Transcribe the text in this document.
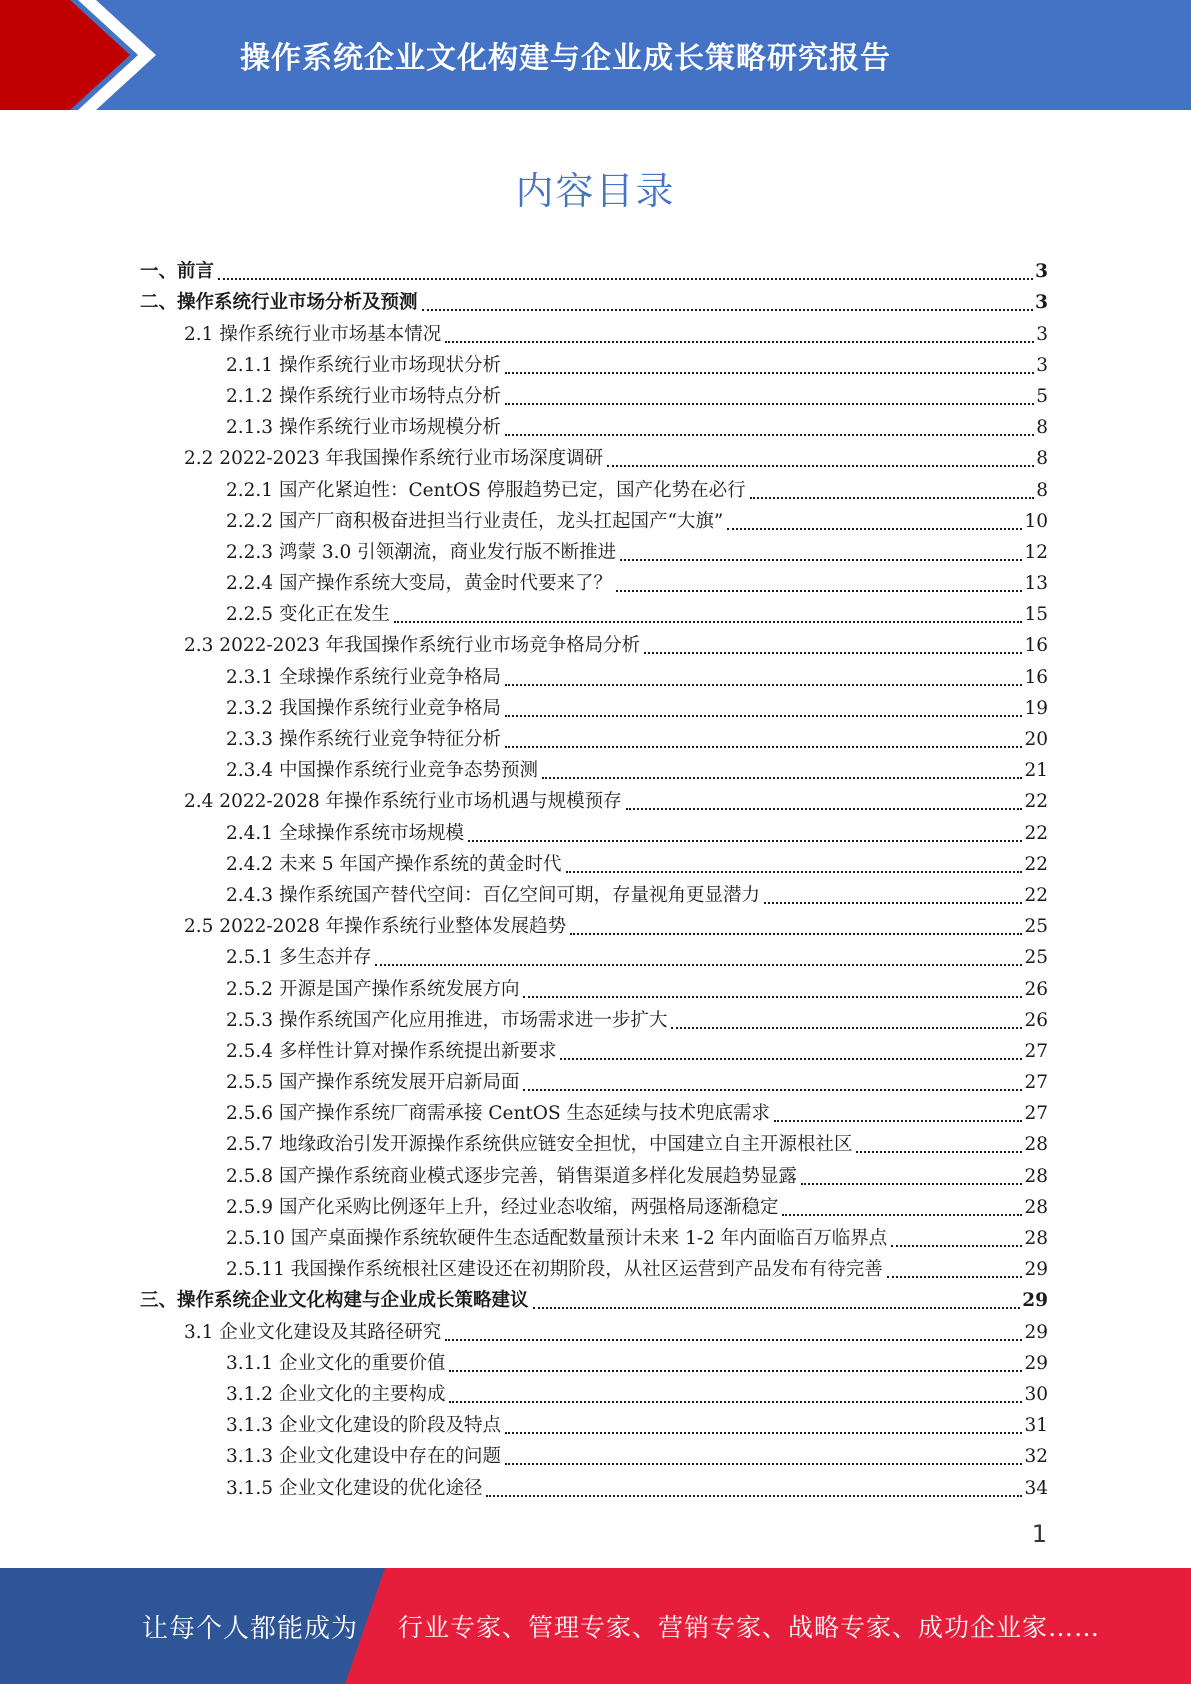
操作系统企业文化构建与企业成长策略研究报告
内容目录
一、前言	3
二、操作系统行业市场分析及预测	3
2.1 操作系统行业市场基本情况	3
2.1.1 操作系统行业市场现状分析	3
2.1.2 操作系统行业市场特点分析	5
2.1.3 操作系统行业市场规模分析	8
2.2 2022-2023 年我国操作系统行业市场深度调研	8
2.2.1 国产化紧迫性：CentOS 停服趋势已定，国产化势在必行	8
2.2.2 国产厂商积极奋进担当行业责任，龙头扛起国产“大旗”	10
2.2.3 鸿蒙 3.0 引领潮流，商业发行版不断推进	12
2.2.4 国产操作系统大变局，黄金时代要来了？	13
2.2.5 变化正在发生	15
2.3 2022-2023 年我国操作系统行业市场竞争格局分析	16
2.3.1 全球操作系统行业竞争格局	16
2.3.2 我国操作系统行业竞争格局	19
2.3.3 操作系统行业竞争特征分析	20
2.3.4 中国操作系统行业竞争态势预测	21
2.4 2022-2028 年操作系统行业市场机遇与规模预存	22
2.4.1 全球操作系统市场规模	22
2.4.2 未来 5 年国产操作系统的黄金时代	22
2.4.3 操作系统国产替代空间：百亿空间可期，存量视角更显潜力	22
2.5 2022-2028 年操作系统行业整体发展趋势	25
2.5.1 多生态并存	25
2.5.2 开源是国产操作系统发展方向	26
2.5.3 操作系统国产化应用推进，市场需求进一步扩大	26
2.5.4 多样性计算对操作系统提出新要求	27
2.5.5 国产操作系统发展开启新局面	27
2.5.6 国产操作系统厂商需承接 CentOS 生态延续与技术兜底需求	27
2.5.7 地缘政治引发开源操作系统供应链安全担忧，中国建立自主开源根社区	28
2.5.8 国产操作系统商业模式逐步完善，销售渠道多样化发展趋势显露	28
2.5.9 国产化采购比例逐年上升，经过业态收缩，两强格局逐渐稳定	28
2.5.10 国产桌面操作系统软硬件生态适配数量预计未来 1-2 年内面临百万临界点	28
2.5.11 我国操作系统根社区建设还在初期阶段，从社区运营到产品发布有待完善	29
三、操作系统企业文化构建与企业成长策略建议	29
3.1 企业文化建设及其路径研究	29
3.1.1 企业文化的重要价值	29
3.1.2 企业文化的主要构成	30
3.1.3 企业文化建设的阶段及特点	31
3.1.3 企业文化建设中存在的问题	32
3.1.5 企业文化建设的优化途径	34
1
让每个人都能成为 行业专家、管理专家、营销专家、战略专家、成功企业家……
